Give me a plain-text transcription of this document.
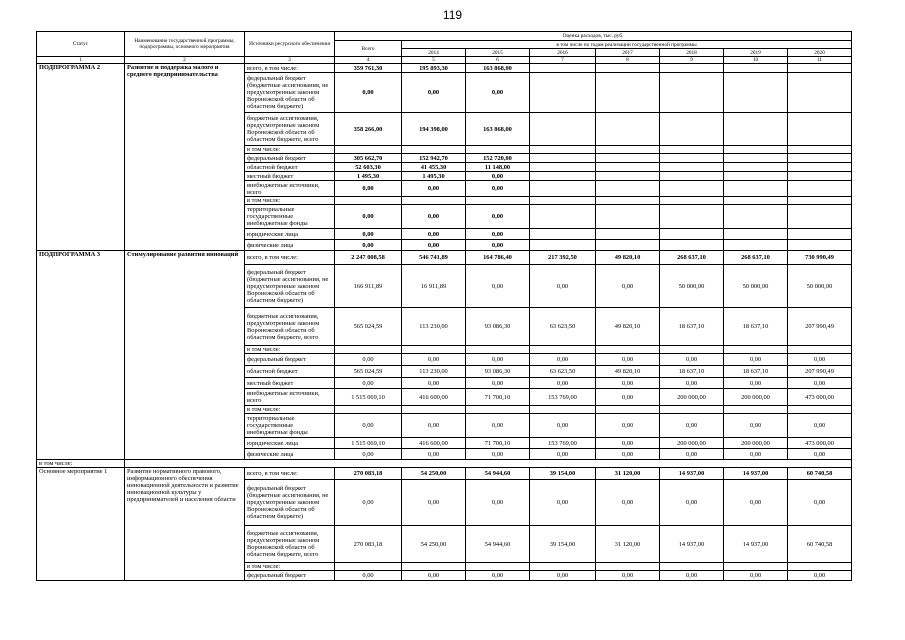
119
Статус	Наименование государственной программы, подпрограммы, основного мероприятия	Источники ресурсного обеспечения	Оценка расходов, тыс. руб.							
			Всего	в том числе по годам реализации государственной программы						
				2014	2015	2016	2017	2018	2019	2020
1	2	3	4	5	6	7	8	9	10	11
ПОДПРОГРАММА 2	Развитие и поддержка малого и среднего предпринимательства	всего, в том числе:	359 761,30	195 893,30	163 868,00					
		федеральный бюджет (бюджетные ассигнования, не предусмотренные законом Воронежской области об областном бюджете)	0,00	0,00	0,00					
		бюджетные ассигнования, предусмотренные законом Воронежской области об областном бюджете, всего	358 266,00	194 398,00	163 868,00					
		в том числе:								
		федеральный бюджет	305 662,70	152 942,70	152 720,00					
		областной бюджет	52 603,30	41 455,30	11 148,00					
		местный бюджет	1 495,30	1 495,30	0,00					
		внебюджетные источники, всего	0,00	0,00	0,00					
		в том числе:								
		территориальные государственные внебюджетные фонды	0,00	0,00	0,00					
		юридические лица	0,00	0,00	0,00					
		физические лица	0,00	0,00	0,00					
ПОДПРОГРАММА 3	Стимулирование развития инноваций	всего, в том числе:	2 247 008,58	546 741,89	164 786,40	217 392,50	49 820,10	268 637,10	268 637,10	730 990,49
		федеральный бюджет (бюджетные ассигнования, не предусмотренные законом Воронежской области об областном бюджете)	166 911,89	16 911,89	0,00	0,00	0,00	50 000,00	50 000,00	50 000,00
		бюджетные ассигнования, предусмотренные законом Воронежской области об областном бюджете, всего	565 024,59	113 230,00	93 086,30	63 623,50	49 820,10	18 637,10	18 637,10	207 990,49
		в том числе:								
		федеральный бюджет	0,00	0,00	0,00	0,00	0,00	0,00	0,00	0,00
		областной бюджет	565 024,59	113 230,00	93 086,30	63 623,50	49 820,10	18 637,10	18 637,10	207 990,49
		местный бюджет	0,00	0,00	0,00	0,00	0,00	0,00	0,00	0,00
		внебюджетные источники, всего	1 515 069,10	416 600,00	71 700,10	153 769,00	0,00	200 000,00	200 000,00	473 000,00
		в том числе:								
		территориальные государственные внебюджетные фонды	0,00	0,00	0,00	0,00	0,00	0,00	0,00	0,00
		юридические лица	1 515 069,10	416 600,00	71 700,10	153 769,00	0,00	200 000,00	200 000,00	473 000,00
		физические лица	0,00	0,00	0,00	0,00	0,00	0,00	0,00	0,00
в том числе:										
Основное мероприятие 1	Развитие нормативного правового, информационного обеспечения инновационной деятельности и развитие инновационной культуры у предпринимателей и населения области	всего, в том числе:	270 083,18	54 250,00	54 944,60	39 154,00	31 120,00	14 937,00	14 937,00	60 740,58
		федеральный бюджет (бюджетные ассигнования, не предусмотренные законом Воронежской области об областном бюджете)	0,00	0,00	0,00	0,00	0,00	0,00	0,00	0,00
		бюджетные ассигнования, предусмотренные законом Воронежской области об областном бюджете, всего	270 083,18	54 250,00	54 944,60	39 154,00	31 120,00	14 937,00	14 937,00	60 740,58
		в том числе:								
		федеральный бюджет	0,00	0,00	0,00	0,00	0,00	0,00	0,00	0,00
